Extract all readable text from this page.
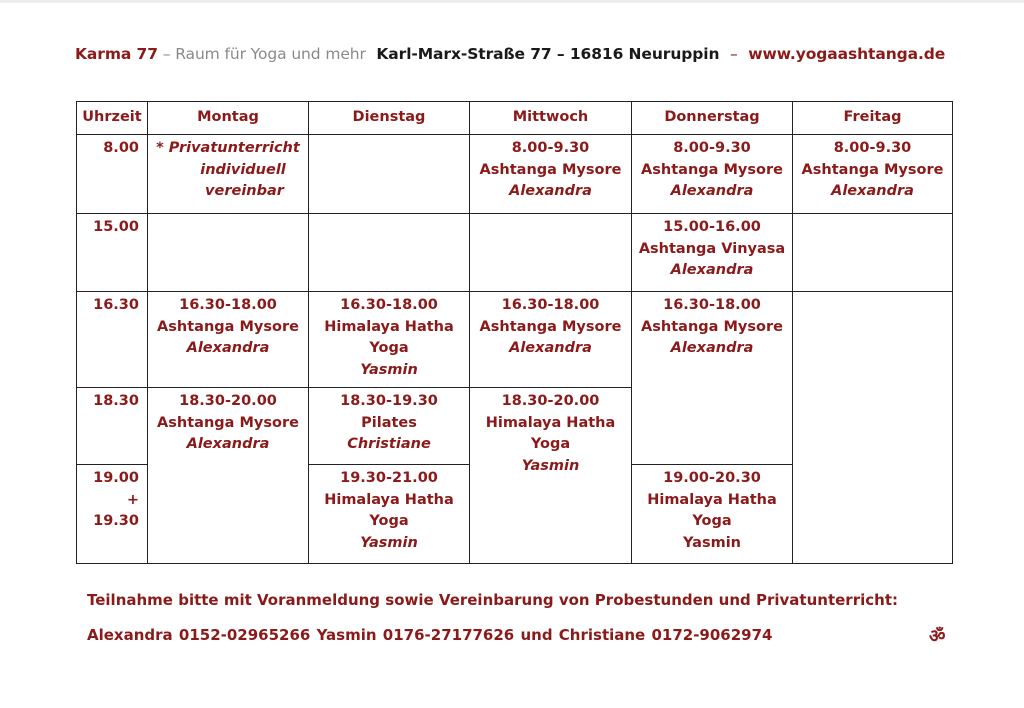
Karma 77 – Raum für Yoga und mehr Karl-Marx-Straße 77 – 16816 Neuruppin – www.yogaashtanga.de
Uhrzeit	Montag	Dienstag	Mittwoch	Donnerstag	Freitag
8.00	* Privatunterricht
individuell
vereinbar		8.00-9.30
Ashtanga Mysore
Alexandra	8.00-9.30
Ashtanga Mysore
Alexandra	8.00-9.30
Ashtanga Mysore
Alexandra

15.00				15.00-16.00
Ashtanga Vinyasa
Alexandra	

16.30	16.30-18.00
Ashtanga Mysore
Alexandra	16.30-18.00
Himalaya Hatha
Yoga
Yasmin	16.30-18.00
Ashtanga Mysore
Alexandra	16.30-18.00
Ashtanga Mysore
Alexandra	

18.30	18.30-20.00
Ashtanga Mysore
Alexandra	18.30-19.30
Pilates
Christiane	18.30-20.00
Himalaya Hatha
Yoga
Yasmin		

19.00
+ 19.30		19.30-21.00
Himalaya Hatha
Yoga
Yasmin		19.00-20.30
Himalaya Hatha
Yoga
Yasmin	
Teilnahme bitte mit Voranmeldung sowie Vereinbarung von Probestunden und Privatunterricht:
Alexandra 0152-02965266 Yasmin 0176-27177626 und Christiane 0172-9062974	ॐ
